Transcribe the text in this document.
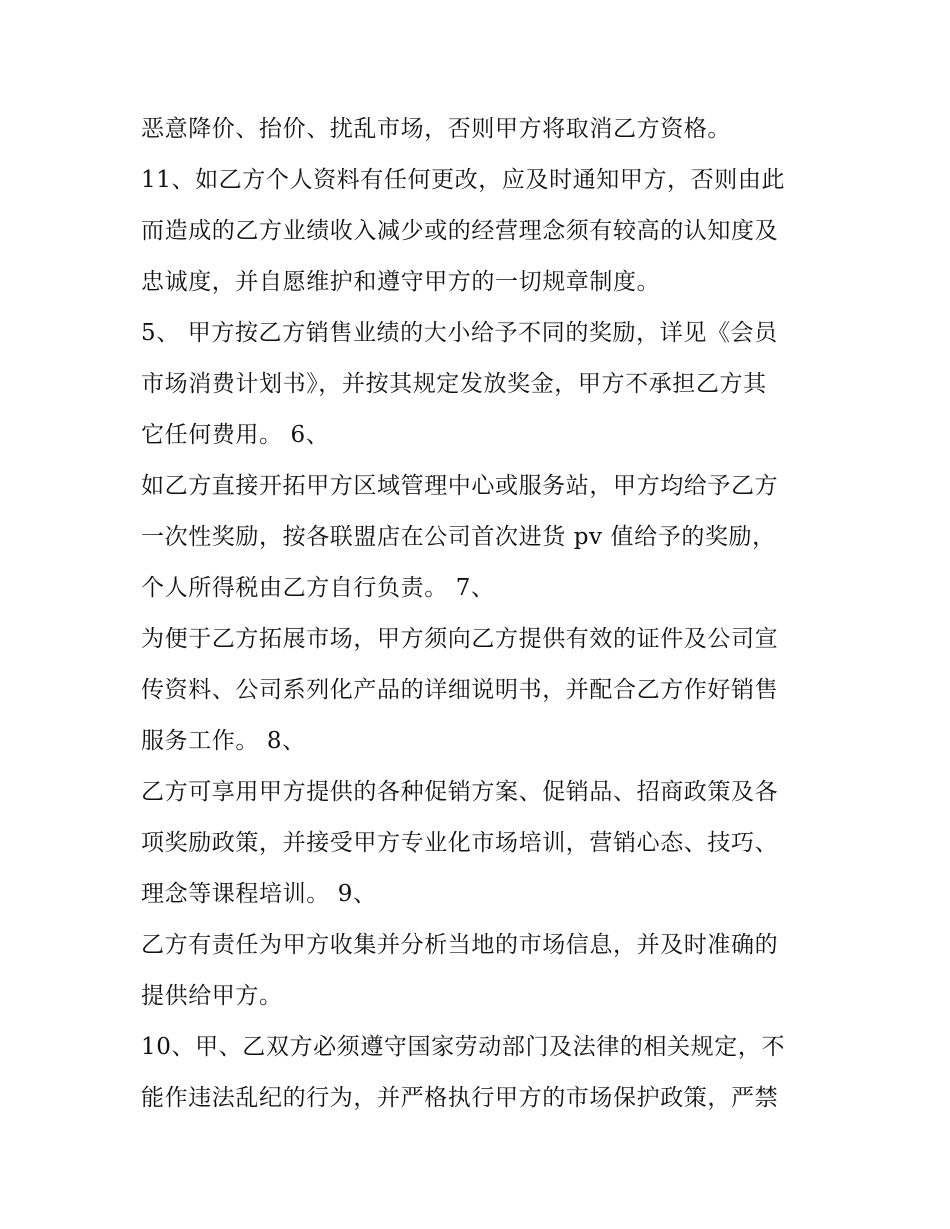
恶意降价、抬价、扰乱市场，否则甲方将取消乙方资格。
11、如乙方个人资料有任何更改，应及时通知甲方，否则由此
而造成的乙方业绩收入减少或的经营理念须有较高的认知度及
忠诚度，并自愿维护和遵守甲方的一切规章制度。
5、 甲方按乙方销售业绩的大小给予不同的奖励，详见《会员
市场消费计划书》，并按其规定发放奖金，甲方不承担乙方其
它任何费用。 6、
如乙方直接开拓甲方区域管理中心或服务站，甲方均给予乙方
一次性奖励，按各联盟店在公司首次进货 pv 值给予的奖励，
个人所得税由乙方自行负责。 7、
为便于乙方拓展市场，甲方须向乙方提供有效的证件及公司宣
传资料、公司系列化产品的详细说明书，并配合乙方作好销售
服务工作。 8、
乙方可享用甲方提供的各种促销方案、促销品、招商政策及各
项奖励政策，并接受甲方专业化市场培训，营销心态、技巧、
理念等课程培训。 9、
乙方有责任为甲方收集并分析当地的市场信息，并及时准确的
提供给甲方。
10、甲、乙双方必须遵守国家劳动部门及法律的相关规定，不
能作违法乱纪的行为，并严格执行甲方的市场保护政策，严禁
